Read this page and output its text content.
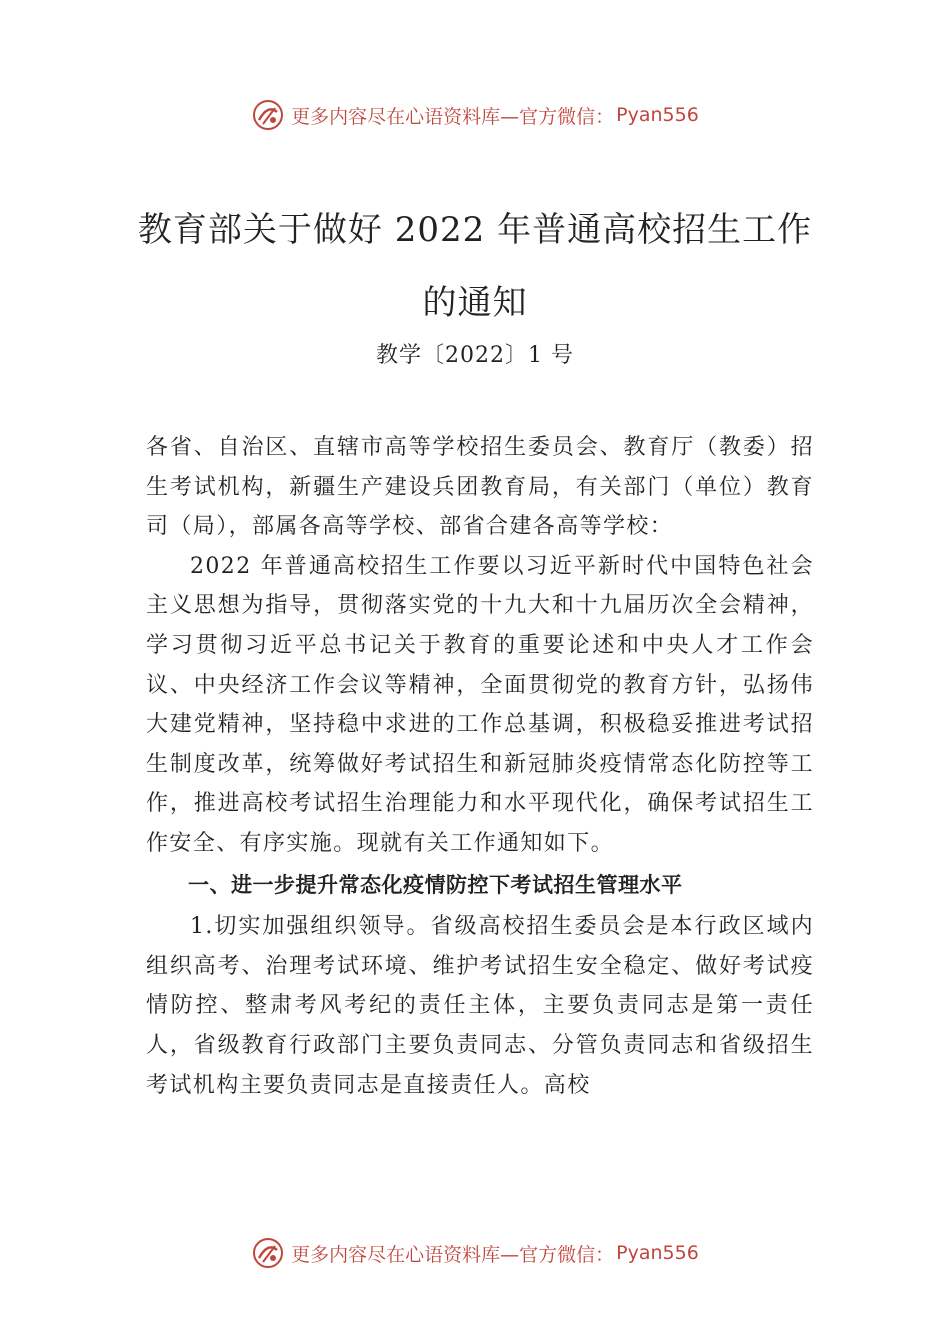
更多内容尽在心语资料库—官方微信： Pyan556
教育部关于做好 2022 年普通高校招生工作
的通知
教学〔2022〕1 号

各省、自治区、直辖市高等学校招生委员会、教育厅（教委）招生考试机构，新疆生产建设兵团教育局，有关部门（单位）教育司（局），部属各高等学校、部省合建各高等学校：

2022 年普通高校招生工作要以习近平新时代中国特色社会主义思想为指导，贯彻落实党的十九大和十九届历次全会精神，学习贯彻习近平总书记关于教育的重要论述和中央人才工作会议、中央经济工作会议等精神，全面贯彻党的教育方针，弘扬伟大建党精神，坚持稳中求进的工作总基调，积极稳妥推进考试招生制度改革，统筹做好考试招生和新冠肺炎疫情常态化防控等工作，推进高校考试招生治理能力和水平现代化，确保考试招生工作安全、有序实施。现就有关工作通知如下。

一、进一步提升常态化疫情防控下考试招生管理水平

1.切实加强组织领导。省级高校招生委员会是本行政区域内组织高考、治理考试环境、维护考试招生安全稳定、做好考试疫情防控、整肃考风考纪的责任主体，主要负责同志是第一责任人，省级教育行政部门主要负责同志、分管负责同志和省级招生考试机构主要负责同志是直接责任人。高校

更多内容尽在心语资料库—官方微信： Pyan556
